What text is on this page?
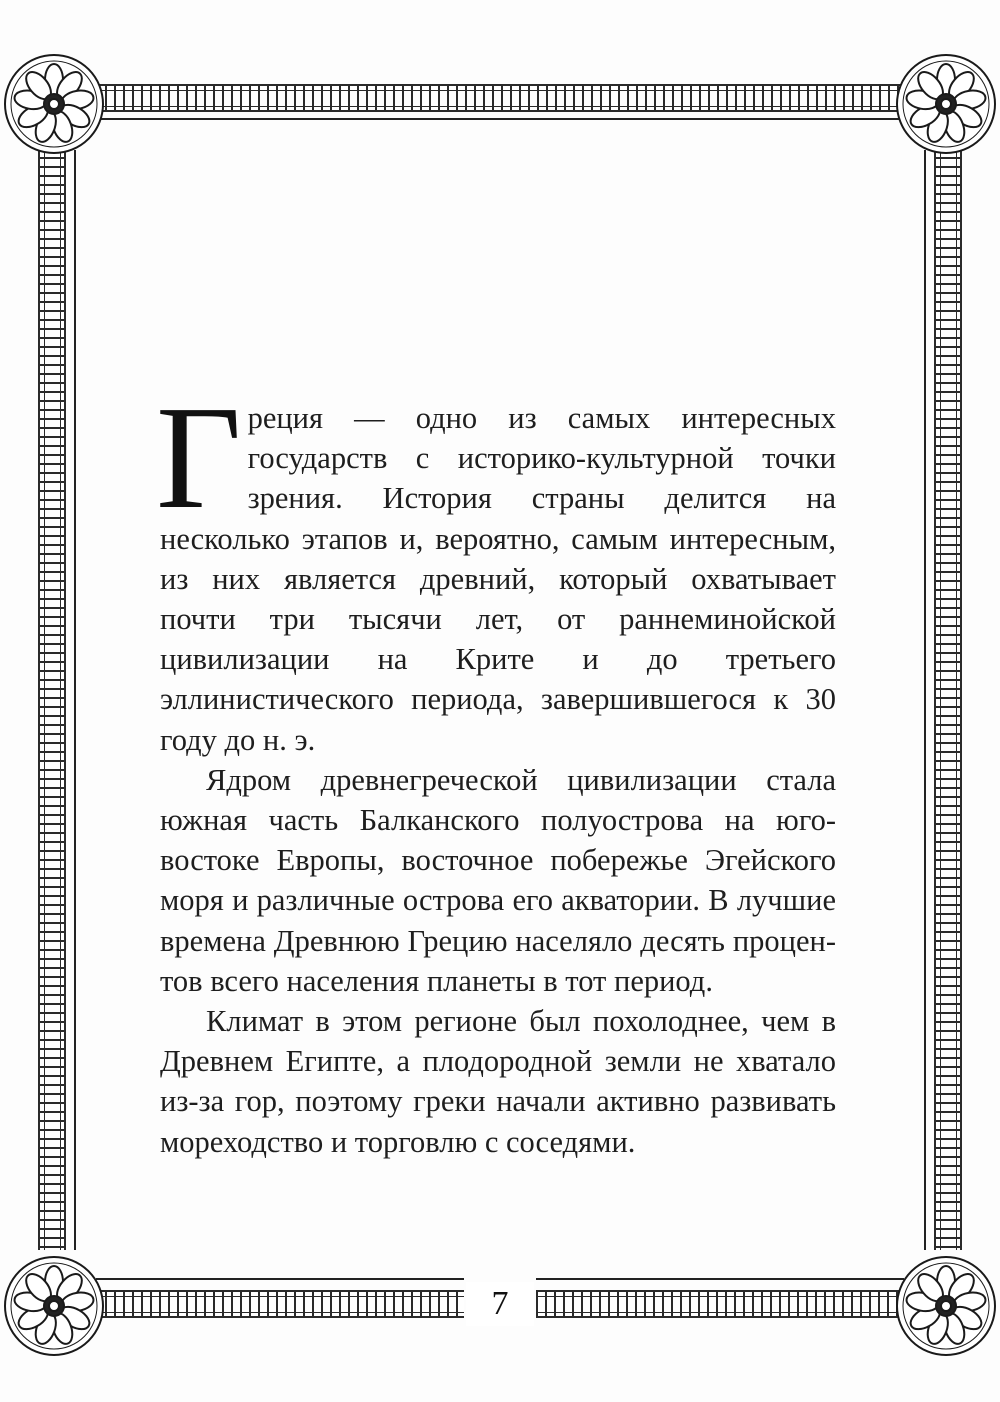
Греция — одно из самых интересных государств с историко-культурной точки зрения. История страны делится на несколько этапов и, вероятно, самым интересным, из них является древний, который охватывает почти три тысячи лет, от раннеминойской цивилизации на Крите и до третьего эллинистического периода, завершившегося к 30 году до н. э.

Ядром древнегреческой цивилизации стала южная часть Балканского полуострова на юго-востоке Европы, восточное побережье Эгейского моря и различные острова его акватории. В лучшие времена Древнюю Грецию населяло десять процентов всего населения планеты в тот период.

Климат в этом регионе был похолоднее, чем в Древнем Египте, а плодородной земли не хватало из-за гор, поэтому греки начали активно развивать мореходство и торговлю с соседями.

7
